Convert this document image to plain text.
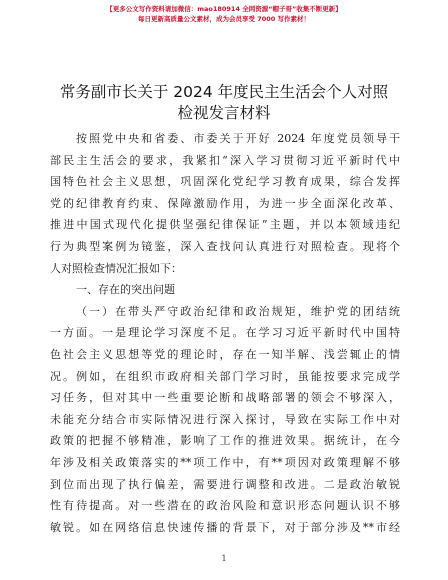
【更多公文写作资料请加微信：mao180914 全网资源“帽子哥”收集不断更新】
每日更新高质量公文素材，成为会员享受 7000 写作素材！
常务副市长关于 2024 年度民主生活会个人对照
检视发言材料
按照党中央和省委、市委关于开好 2024 年度党员领导干
部民主生活会的要求，我紧扣“深入学习贯彻习近平新时代中
国特色社会主义思想，巩固深化党纪学习教育成果，综合发挥
党的纪律教育约束、保障激励作用，为进一步全面深化改革、
推进中国式现代化提供坚强纪律保证”主题，并以本领域违纪
行为典型案例为镜鉴，深入查找问认真进行对照检查。现将个
人对照检查情况汇报如下：
一、存在的突出问题
（一）在带头严守政治纪律和政治规矩，维护党的团结统
一方面。一是理论学习深度不足。在学习习近平新时代中国特
色社会主义思想等党的理论时，存在一知半解、浅尝辄止的情
况。例如，在组织市政府相关部门学习时，虽能按要求完成学
习任务，但对其中一些重要论断和战略部署的领会不够深入，
未能充分结合市实际情况进行深入探讨，导致在实际工作中对
政策的把握不够精准，影响了工作的推进效果。据统计，在今
年涉及相关政策落实的**项工作中，有**项因对政策理解不够
到位而出现了执行偏差，需要进行调整和改进。二是政治敏锐
性有待提高。对一些潜在的政治风险和意识形态问题认识不够
敏锐。如在网络信息快速传播的背景下，对于部分涉及**市经
1
